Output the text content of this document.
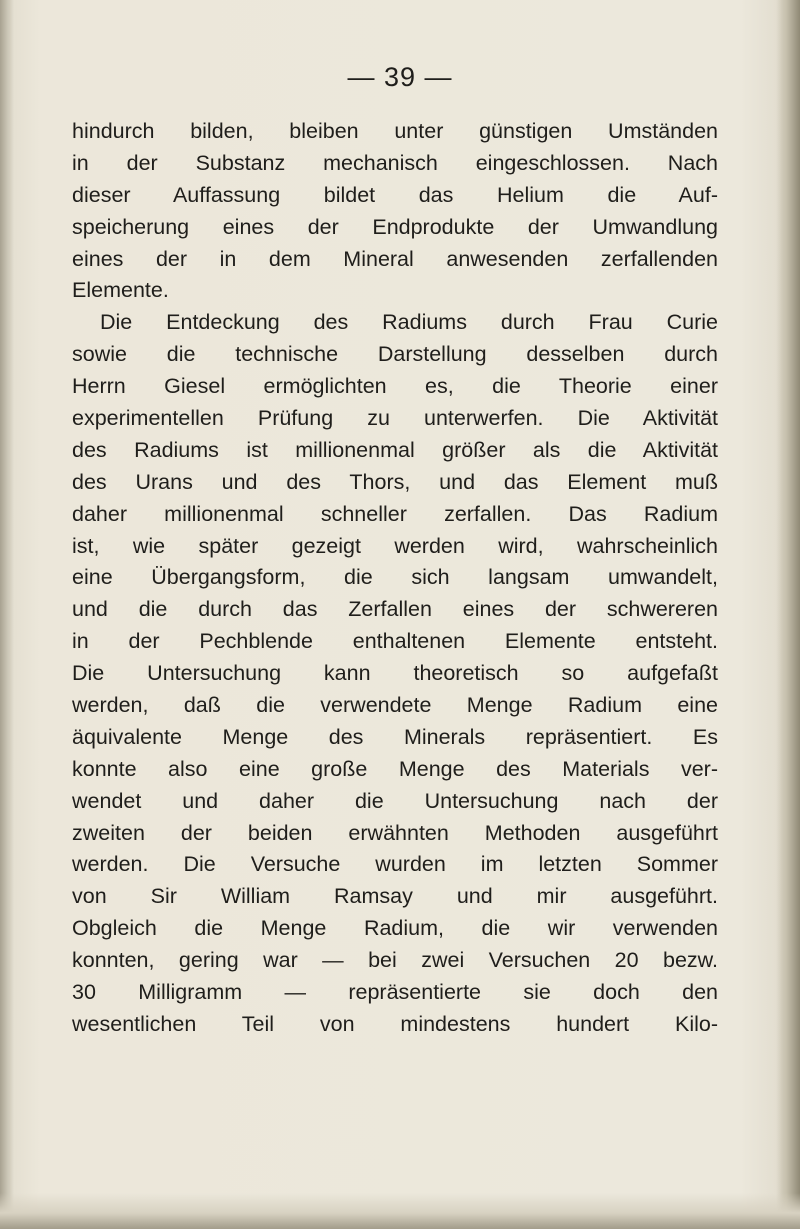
— 39 —
hindurch bilden, bleiben unter günstigen Umständen
in der Substanz mechanisch eingeschlossen. Nach
dieser Auffassung bildet das Helium die Auf-
speicherung eines der Endprodukte der Umwandlung
eines der in dem Mineral anwesenden zerfallenden
Elemente.
Die Entdeckung des Radiums durch Frau Curie
sowie die technische Darstellung desselben durch
Herrn Giesel ermöglichten es, die Theorie einer
experimentellen Prüfung zu unterwerfen. Die Aktivität
des Radiums ist millionenmal größer als die Aktivität
des Urans und des Thors, und das Element muß
daher millionenmal schneller zerfallen. Das Radium
ist, wie später gezeigt werden wird, wahrscheinlich
eine Übergangsform, die sich langsam umwandelt,
und die durch das Zerfallen eines der schwereren
in der Pechblende enthaltenen Elemente entsteht.
Die Untersuchung kann theoretisch so aufgefaßt
werden, daß die verwendete Menge Radium eine
äquivalente Menge des Minerals repräsentiert. Es
konnte also eine große Menge des Materials ver-
wendet und daher die Untersuchung nach der
zweiten der beiden erwähnten Methoden ausgeführt
werden. Die Versuche wurden im letzten Sommer
von Sir William Ramsay und mir ausgeführt.
Obgleich die Menge Radium, die wir verwenden
konnten, gering war — bei zwei Versuchen 20 bezw.
30 Milligramm — repräsentierte sie doch den
wesentlichen Teil von mindestens hundert Kilo-
